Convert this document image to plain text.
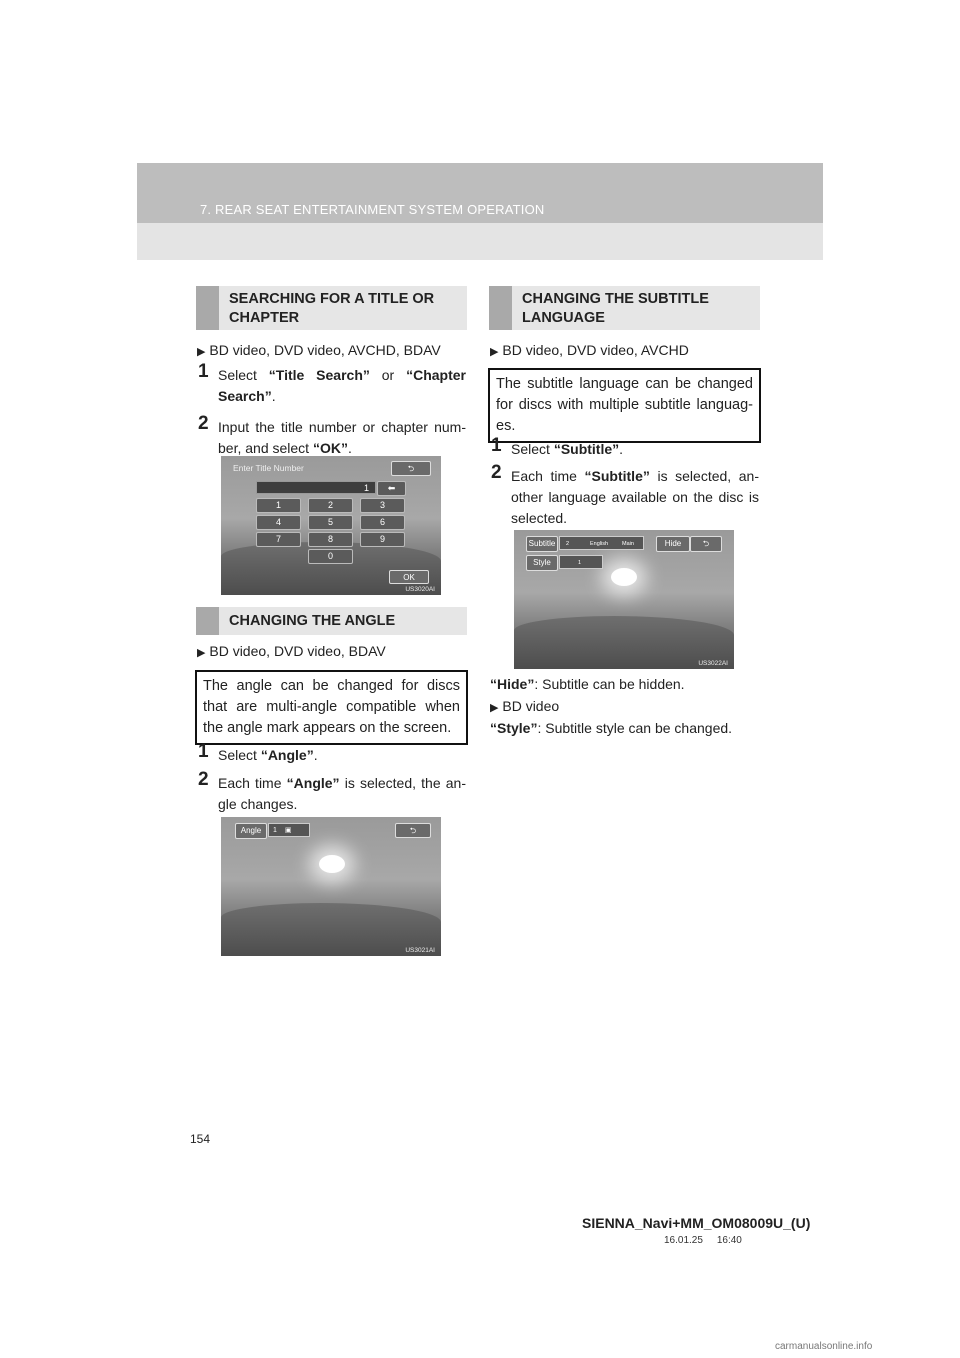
7. REAR SEAT ENTERTAINMENT SYSTEM OPERATION
SEARCHING FOR A TITLE OR CHAPTER
▶ BD video, DVD video, AVCHD, BDAV
1 Select “Title Search” or “Chapter Search”.
2 Input the title number or chapter num-ber, and select “OK”.
Enter Title Number	⮌
1	⬅
1	2	3
4	5	6
7	8	9
0
OK
US3020AI
CHANGING THE ANGLE
▶ BD video, DVD video, BDAV
The angle can be changed for discs that are multi-angle compatible when the angle mark appears on the screen.
1 Select “Angle”.
2 Each time “Angle” is selected, the an-gle changes.
Angle	1 ▣	⮌
US3021AI
CHANGING THE SUBTITLE LANGUAGE
▶ BD video, DVD video, AVCHD
The subtitle language can be changed for discs with multiple subtitle languag-es.
1 Select “Subtitle”.
2 Each time “Subtitle” is selected, an-other language available on the disc is selected.
Subtitle	2	English	Main	Hide	⮌
Style	1
US3022AI
“Hide”: Subtitle can be hidden.
▶ BD video
“Style”: Subtitle style can be changed.
154
SIENNA_Navi+MM_OM08009U_(U)
16.01.25     16:40
carmanualsonline.info
